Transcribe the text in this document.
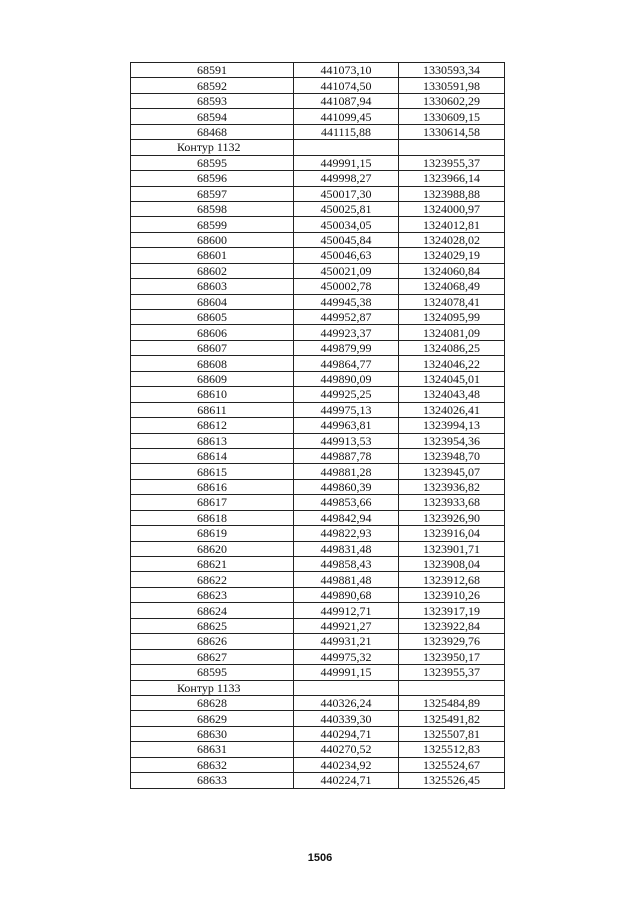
68591	441073,10	1330593,34
68592	441074,50	1330591,98
68593	441087,94	1330602,29
68594	441099,45	1330609,15
68468	441115,88	1330614,58
Контур 1132		
68595	449991,15	1323955,37
68596	449998,27	1323966,14
68597	450017,30	1323988,88
68598	450025,81	1324000,97
68599	450034,05	1324012,81
68600	450045,84	1324028,02
68601	450046,63	1324029,19
68602	450021,09	1324060,84
68603	450002,78	1324068,49
68604	449945,38	1324078,41
68605	449952,87	1324095,99
68606	449923,37	1324081,09
68607	449879,99	1324086,25
68608	449864,77	1324046,22
68609	449890,09	1324045,01
68610	449925,25	1324043,48
68611	449975,13	1324026,41
68612	449963,81	1323994,13
68613	449913,53	1323954,36
68614	449887,78	1323948,70
68615	449881,28	1323945,07
68616	449860,39	1323936,82
68617	449853,66	1323933,68
68618	449842,94	1323926,90
68619	449822,93	1323916,04
68620	449831,48	1323901,71
68621	449858,43	1323908,04
68622	449881,48	1323912,68
68623	449890,68	1323910,26
68624	449912,71	1323917,19
68625	449921,27	1323922,84
68626	449931,21	1323929,76
68627	449975,32	1323950,17
68595	449991,15	1323955,37
Контур 1133		
68628	440326,24	1325484,89
68629	440339,30	1325491,82
68630	440294,71	1325507,81
68631	440270,52	1325512,83
68632	440234,92	1325524,67
68633	440224,71	1325526,45
1506
